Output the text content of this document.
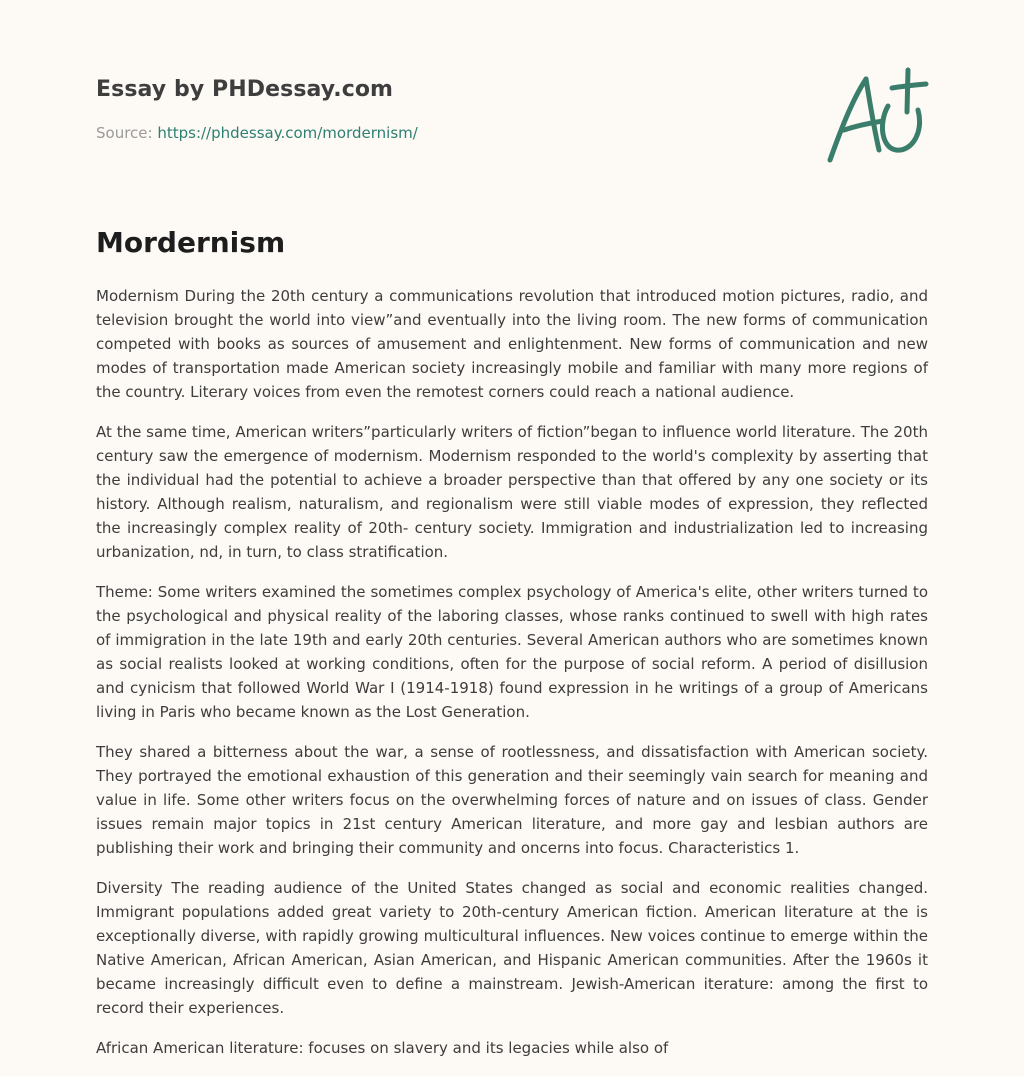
Essay by PHDessay.com
Source: https://phdessay.com/mordernism/
Mordernism

Modernism During the 20th century a communications revolution that introduced motion pictures, radio, and television brought the world into view”and eventually into the living room. The new forms of communication competed with books as sources of amusement and enlightenment. New forms of communication and new modes of transportation made American society increasingly mobile and familiar with many more regions of the country. Literary voices from even the remotest corners could reach a national audience.

At the same time, American writers”particularly writers of fiction”began to influence world literature. The 20th century saw the emergence of modernism. Modernism responded to the world's complexity by asserting that the individual had the potential to achieve a broader perspective than that offered by any one society or its history. Although realism, naturalism, and regionalism were still viable modes of expression, they reflected the increasingly complex reality of 20th- century society. Immigration and industrialization led to increasing urbanization, nd, in turn, to class stratification.

Theme: Some writers examined the sometimes complex psychology of America's elite, other writers turned to the psychological and physical reality of the laboring classes, whose ranks continued to swell with high rates of immigration in the late 19th and early 20th centuries. Several American authors who are sometimes known as social realists looked at working conditions, often for the purpose of social reform. A period of disillusion and cynicism that followed World War I (1914-1918) found expression in he writings of a group of Americans living in Paris who became known as the Lost Generation.

They shared a bitterness about the war, a sense of rootlessness, and dissatisfaction with American society. They portrayed the emotional exhaustion of this generation and their seemingly vain search for meaning and value in life. Some other writers focus on the overwhelming forces of nature and on issues of class. Gender issues remain major topics in 21st century American literature, and more gay and lesbian authors are publishing their work and bringing their community and oncerns into focus. Characteristics 1.

Diversity The reading audience of the United States changed as social and economic realities changed. Immigrant populations added great variety to 20th-century American fiction. American literature at the is exceptionally diverse, with rapidly growing multicultural influences. New voices continue to emerge within the Native American, African American, Asian American, and Hispanic American communities. After the 1960s it became increasingly difficult even to define a mainstream. Jewish-American iterature: among the first to record their experiences.

African American literature: focuses on slavery and its legacies while also of
